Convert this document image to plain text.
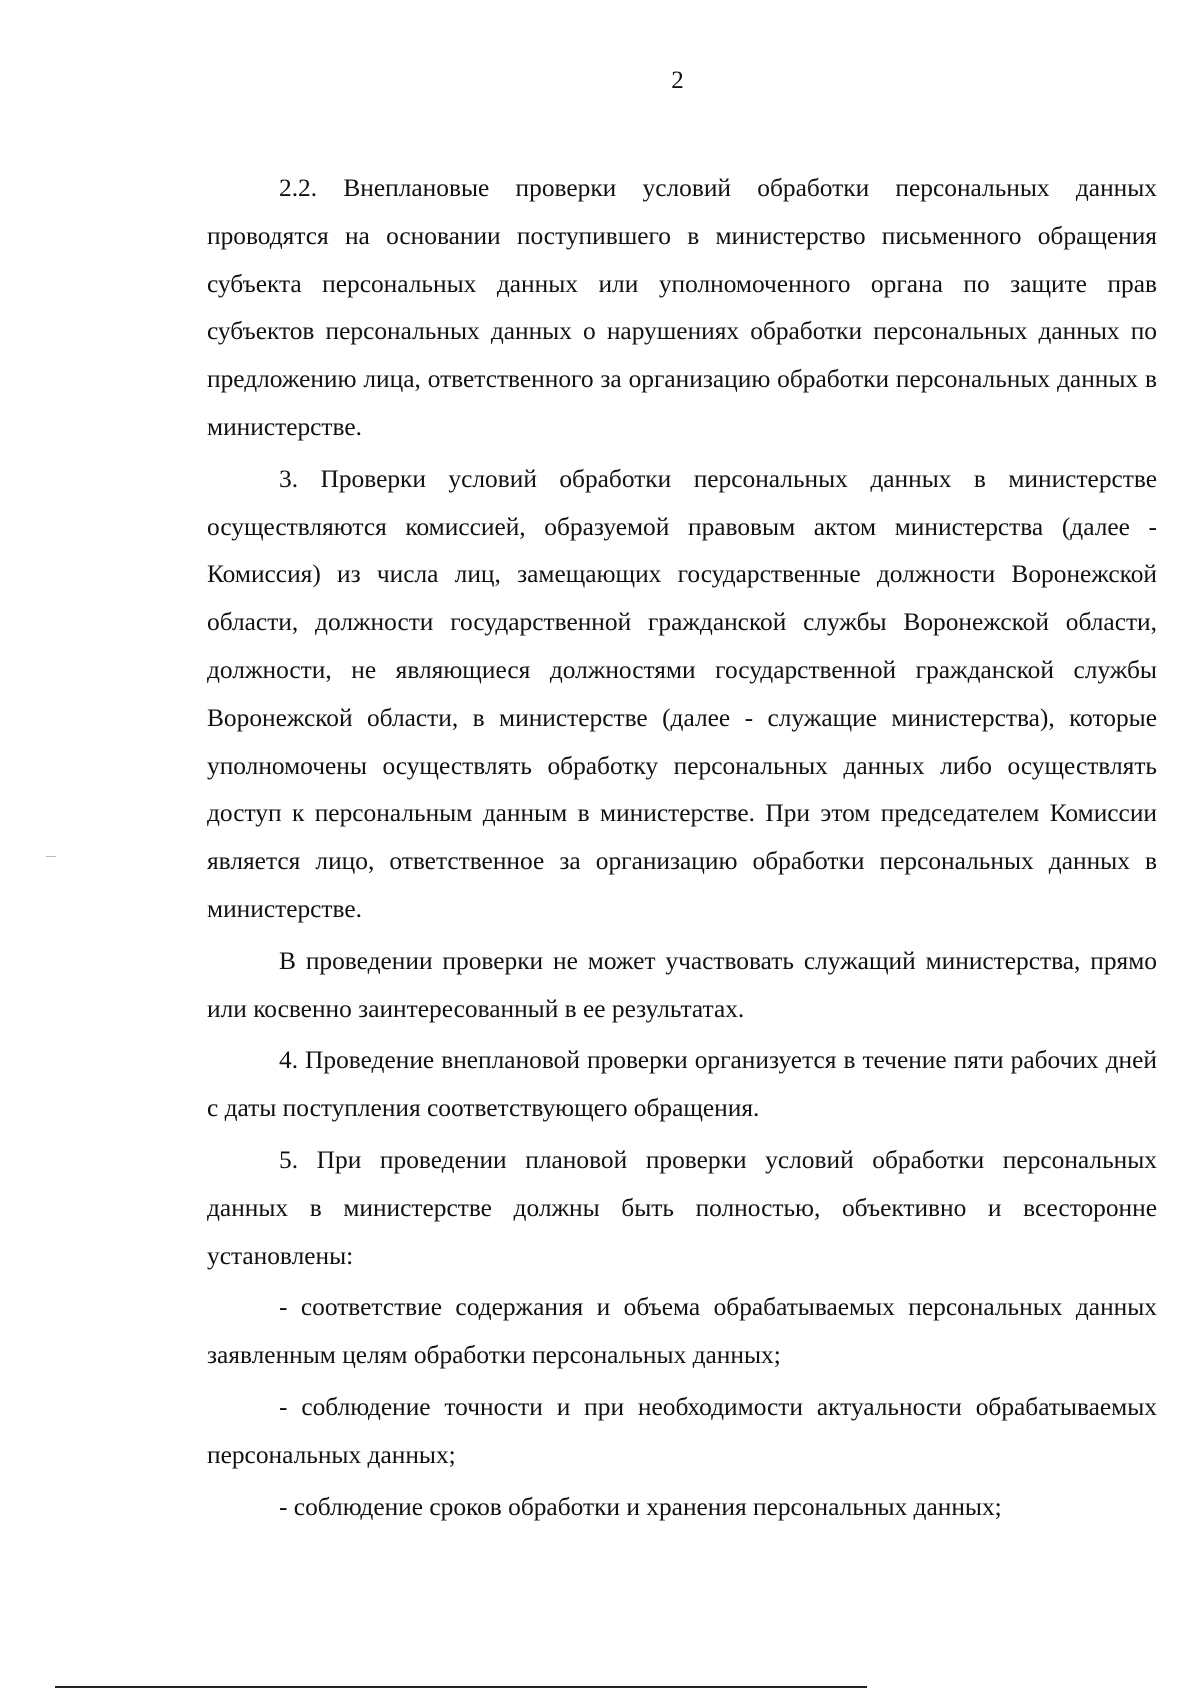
2

2.2. Внеплановые проверки условий обработки персональных данных проводятся на основании поступившего в министерство письменного обращения субъекта персональных данных или уполномоченного органа по защите прав субъектов персональных данных о нарушениях обработки персональных данных по предложению лица, ответственного за организацию обработки персональных данных в министерстве.

3. Проверки условий обработки персональных данных в министерстве осуществляются комиссией, образуемой правовым актом министерства (далее - Комиссия) из числа лиц, замещающих государственные должности Воронежской области, должности государственной гражданской службы Воронежской области, должности, не являющиеся должностями государственной гражданской службы Воронежской области, в министерстве (далее - служащие министерства), которые уполномочены осуществлять обработку персональных данных либо осуществлять доступ к персональным данным в министерстве. При этом председателем Комиссии является лицо, ответственное за организацию обработки персональных данных в министерстве.

В проведении проверки не может участвовать служащий министерства, прямо или косвенно заинтересованный в ее результатах.

4. Проведение внеплановой проверки организуется в течение пяти рабочих дней с даты поступления соответствующего обращения.

5. При проведении плановой проверки условий обработки персональных данных в министерстве должны быть полностью, объективно и всесторонне установлены:

- соответствие содержания и объема обрабатываемых персональных данных заявленным целям обработки персональных данных;

- соблюдение точности и при необходимости актуальности обрабатываемых персональных данных;

- соблюдение сроков обработки и хранения персональных данных;
